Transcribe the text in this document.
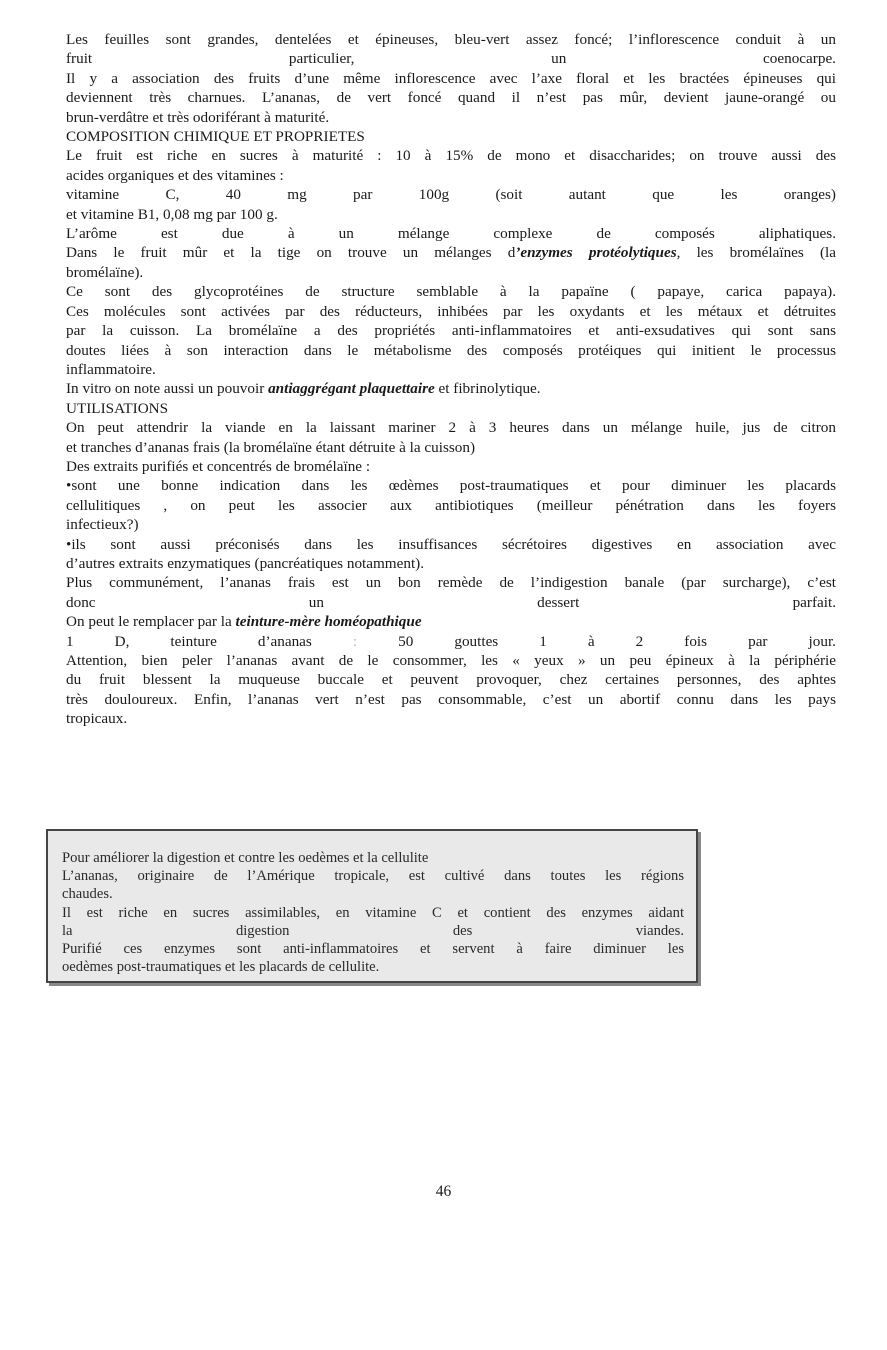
Les feuilles sont grandes, dentelées et épineuses, bleu-vert assez foncé; l’inflorescence conduit à un

fruit	particulier,	un	coenocarpe.

Il y a association des fruits d’une même inflorescence avec l’axe floral et les bractées épineuses qui

deviennent très charnues. L’ananas, de vert foncé quand il n’est pas mûr, devient jaune-orangé ou

brun-verdâtre et très odoriférant à maturité.

COMPOSITION CHIMIQUE ET PROPRIETES

Le fruit est riche en sucres à maturité : 10 à 15% de mono et disaccharides; on trouve aussi des

acides organiques et des vitamines :

vitamine	C,	40	mg	par	100g	(soit	autant	que	les	oranges)

et vitamine B1, 0,08 mg par 100 g.

L’arôme	est	due	à	un	mélange	complexe	de	composés	aliphatiques.

Dans le fruit mûr et la tige on trouve un mélanges d’enzymes protéolytiques, les bromélaïnes (la

bromélaïne).

Ce sont des glycoprotéines de structure semblable à la papaïne ( papaye, carica papaya).

Ces molécules sont activées par des réducteurs, inhibées par les oxydants et les métaux et détruites

par la cuisson. La bromélaïne a des propriétés anti-inflammatoires et anti-exsudatives qui sont sans

doutes liées à son interaction dans le métabolisme des composés protéiques qui initient le processus

inflammatoire.

In vitro on note aussi un pouvoir antiaggrégant plaquettaire et fibrinolytique.

UTILISATIONS

On peut attendrir la viande en la laissant mariner 2 à 3 heures dans un mélange huile, jus de citron

et tranches d’ananas frais (la bromélaïne étant détruite à la cuisson)

Des extraits purifiés et concentrés de bromélaïne :

•sont une bonne indication dans les œdèmes post-traumatiques et pour diminuer les placards

cellulitiques , on peut les associer aux antibiotiques (meilleur pénétration dans les foyers

infectieux?)

•ils sont aussi préconisés dans les insuffisances sécrétoires digestives en association avec

d’autres extraits enzymatiques (pancréatiques notamment).

Plus communément, l’ananas frais est un bon remède de l’indigestion banale (par surcharge), c’est

donc	un	dessert	parfait.

On peut le remplacer par la teinture-mère homéopathique

1	D,	teinture	d’ananas	:	50	gouttes	1	à	2	fois	par	jour.

Attention, bien peler l’ananas avant de le consommer, les « yeux » un peu épineux à la périphérie

du fruit blessent la muqueuse buccale et peuvent provoquer, chez certaines personnes, des aphtes

très douloureux. Enfin, l’ananas vert n’est pas consommable, c’est un abortif connu dans les pays

tropicaux.

Pour améliorer la digestion et contre les oedèmes et la cellulite
L’ananas, originaire de l’Amérique tropicale, est cultivé dans toutes les régions
chaudes.
Il est riche en sucres assimilables, en vitamine C et contient des enzymes aidant
la	digestion	des	viandes.
Purifié ces enzymes sont anti-inflammatoires et servent à faire diminuer les
oedèmes post-traumatiques et les placards de cellulite.
46
